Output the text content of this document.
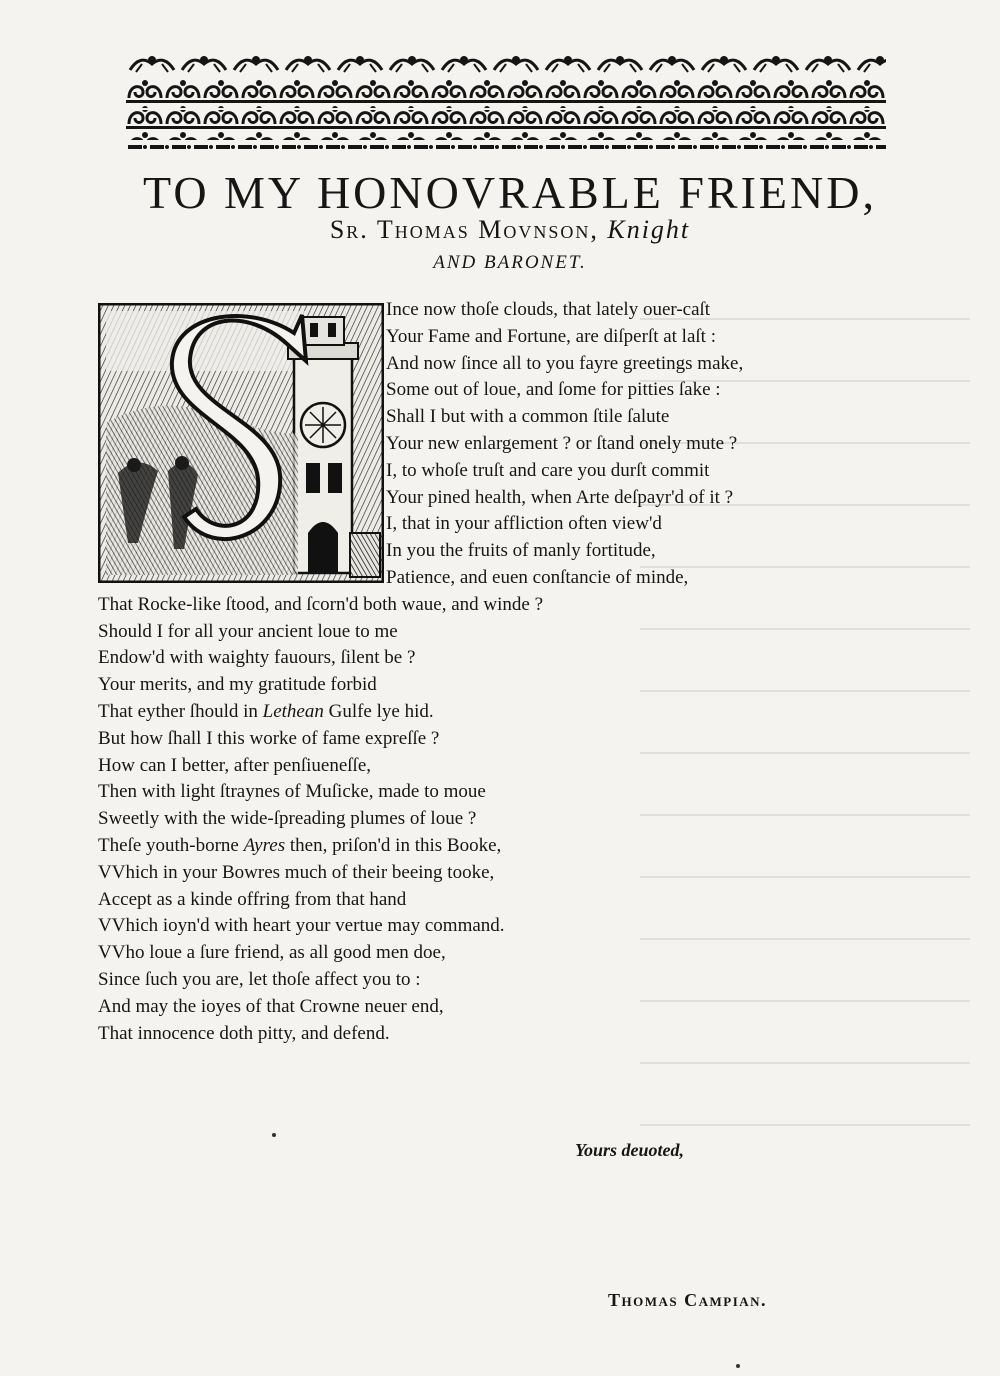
TO MY HONOVRABLE FRIEND,
Sr. Thomas Movnson, Knight
AND BARONET.
S
Ince now thoſe clouds, that lately ouer-caſt
Your Fame and Fortune, are diſperſt at laſt :
And now ſince all to you fayre greetings make,
Some out of loue, and ſome for pitties ſake :
Shall I but with a common ſtile ſalute
Your new enlargement ? or ſtand onely mute ?
I, to whoſe truſt and care you durſt commit
Your pined health, when Arte deſpayr'd of it ?
I, that in your affliction often view'd
In you the fruits of manly fortitude,
Patience, and euen conſtancie of minde,
That Rocke-like ſtood, and ſcorn'd both waue, and winde ?
Should I for all your ancient loue to me
Endow'd with waighty fauours, ſilent be ?
Your merits, and my gratitude forbid
That eyther ſhould in Lethean Gulfe lye hid.
But how ſhall I this worke of fame expreſſe ?
How can I better, after penſiueneſſe,
Then with light ſtraynes of Muſicke, made to moue
Sweetly with the wide-ſpreading plumes of loue ?
Theſe youth-borne Ayres then, priſon'd in this Booke,
VVhich in your Bowres much of their beeing tooke,
Accept as a kinde offring from that hand
VVhich ioyn'd with heart your vertue may command.
VVho loue a ſure friend, as all good men doe,
Since ſuch you are, let thoſe affect you to :
And may the ioyes of that Crowne neuer end,
That innocence doth pitty, and defend.
Yours deuoted,
Thomas Campian.
